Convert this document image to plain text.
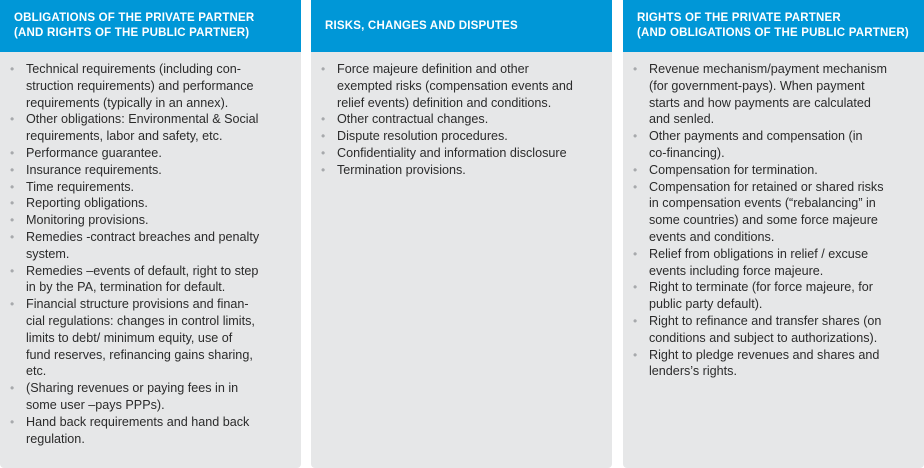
OBLIGATIONS OF THE PRIVATE PARTNER
(AND RIGHTS OF THE PUBLIC PARTNER)
• Technical requirements (including con-
struction requirements) and performance
requirements (typically in an annex).
• Other obligations: Environmental & Social
requirements, labor and safety, etc.
• Performance guarantee.
• Insurance requirements.
• Time requirements.
• Reporting obligations.
• Monitoring provisions.
• Remedies -contract breaches and penalty
system.
• Remedies –events of default, right to step
in by the PA, termination for default.
• Financial structure provisions and finan-
cial regulations: changes in control limits,
limits to debt/ minimum equity, use of
fund reserves, refinancing gains sharing,
etc.
• (Sharing revenues or paying fees in in
some user –pays PPPs).
• Hand back requirements and hand back
regulation.
RISKS, CHANGES AND DISPUTES
• Force majeure definition and other
exempted risks (compensation events and
relief events) definition and conditions.
• Other contractual changes.
• Dispute resolution procedures.
• Confidentiality and information disclosure
• Termination provisions.
RIGHTS OF THE PRIVATE PARTNER
(AND OBLIGATIONS OF THE PUBLIC PARTNER)
• Revenue mechanism/payment mechanism
(for government-pays). When payment
starts and how payments are calculated
and senled.
• Other payments and compensation (in
co-financing).
• Compensation for termination.
• Compensation for retained or shared risks
in compensation events (“rebalancing” in
some countries) and some force majeure
events and conditions.
• Relief from obligations in relief / excuse
events including force majeure.
• Right to terminate (for force majeure, for
public party default).
• Right to refinance and transfer shares (on
conditions and subject to authorizations).
• Right to pledge revenues and shares and
lenders’s rights.
